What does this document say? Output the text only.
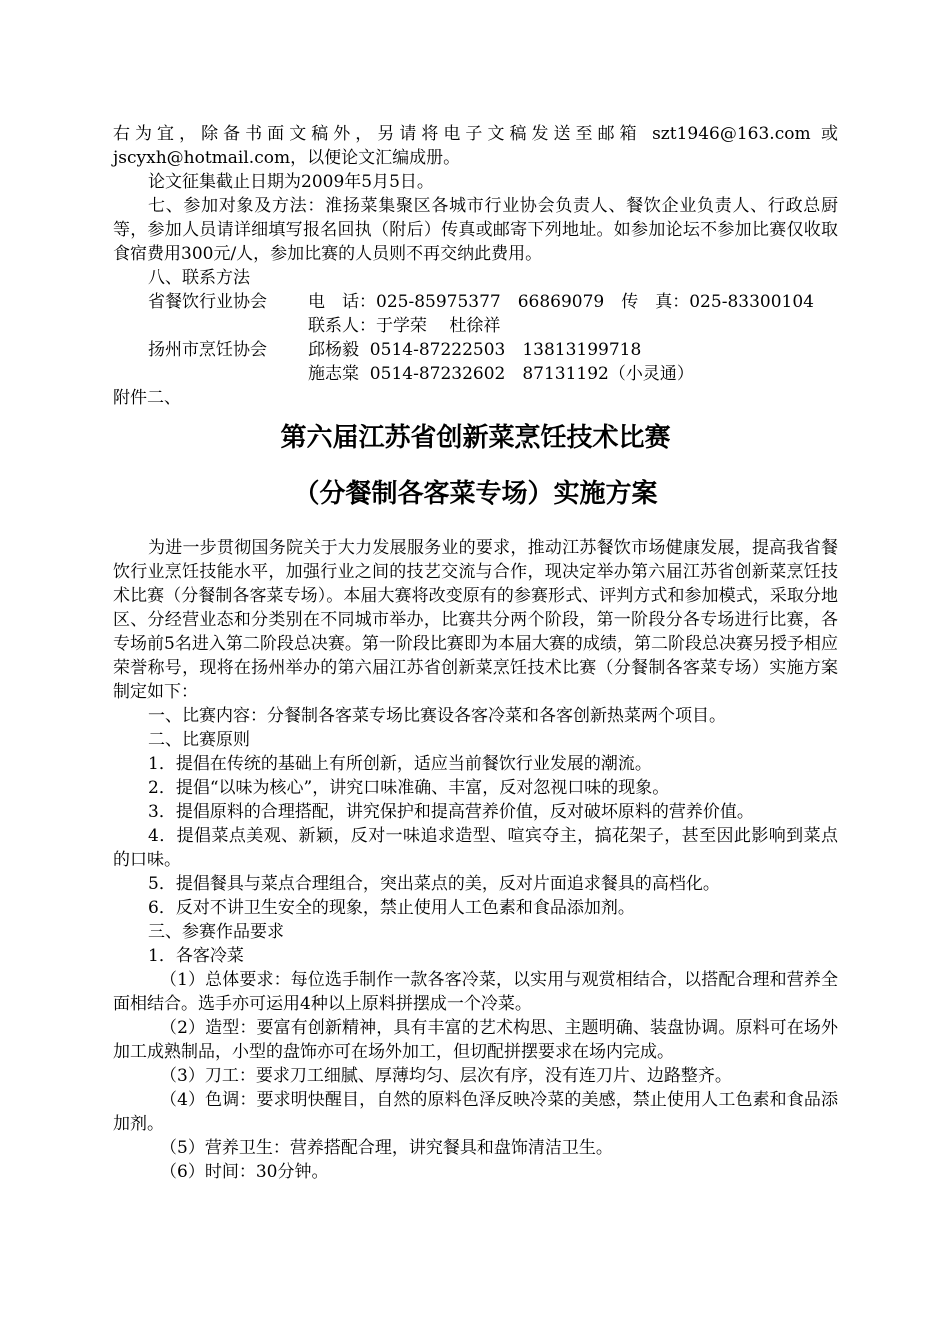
右为宜，除备书面文稿外，另请将电子文稿发送至邮箱 szt1946@163.com 或

jscyxh@hotmail.com，以便论文汇编成册。

论文征集截止日期为2009年5月5日。

七、参加对象及方法：淮扬菜集聚区各城市行业协会负责人、餐饮企业负责人、行政总厨等，参加人员请详细填写报名回执（附后）传真或邮寄下列地址。如参加论坛不参加比赛仅收取食宿费用300元/人，参加比赛的人员则不再交纳此费用。

八、联系方法

省餐饮行业协会	电　话：025-85975377　66869079　传　真：025-83300104
联系人：于学荣　 杜徐祥
扬州市烹饪协会	邱杨毅  0514-87222503　13813199718
施志棠  0514-87232602　87131192（小灵通）

附件二、

第六届江苏省创新菜烹饪技术比赛
（分餐制各客菜专场）实施方案

为进一步贯彻国务院关于大力发展服务业的要求，推动江苏餐饮市场健康发展，提高我省餐饮行业烹饪技能水平，加强行业之间的技艺交流与合作，现决定举办第六届江苏省创新菜烹饪技术比赛（分餐制各客菜专场）。本届大赛将改变原有的参赛形式、评判方式和参加模式，采取分地区、分经营业态和分类别在不同城市举办，比赛共分两个阶段，第一阶段分各专场进行比赛，各专场前5名进入第二阶段总决赛。第一阶段比赛即为本届大赛的成绩，第二阶段总决赛另授予相应荣誉称号，现将在扬州举办的第六届江苏省创新菜烹饪技术比赛（分餐制各客菜专场）实施方案制定如下：

一、比赛内容：分餐制各客菜专场比赛设各客冷菜和各客创新热菜两个项目。

二、比赛原则

1．提倡在传统的基础上有所创新，适应当前餐饮行业发展的潮流。

2．提倡“以味为核心”，讲究口味准确、丰富，反对忽视口味的现象。

3．提倡原料的合理搭配，讲究保护和提高营养价值，反对破坏原料的营养价值。

4．提倡菜点美观、新颖，反对一味追求造型、喧宾夺主，搞花架子，甚至因此影响到菜点的口味。

5．提倡餐具与菜点合理组合，突出菜点的美，反对片面追求餐具的高档化。

6．反对不讲卫生安全的现象，禁止使用人工色素和食品添加剂。

三、参赛作品要求

1．各客冷菜

（1）总体要求：每位选手制作一款各客冷菜，以实用与观赏相结合，以搭配合理和营养全面相结合。选手亦可运用4种以上原料拼摆成一个冷菜。

（2）造型：要富有创新精神，具有丰富的艺术构思、主题明确、装盘协调。原料可在场外加工成熟制品，小型的盘饰亦可在场外加工，但切配拼摆要求在场内完成。

（3）刀工：要求刀工细腻、厚薄均匀、层次有序，没有连刀片、边路整齐。

（4）色调：要求明快醒目，自然的原料色泽反映冷菜的美感，禁止使用人工色素和食品添加剂。

（5）营养卫生：营养搭配合理，讲究餐具和盘饰清洁卫生。

（6）时间：30分钟。
